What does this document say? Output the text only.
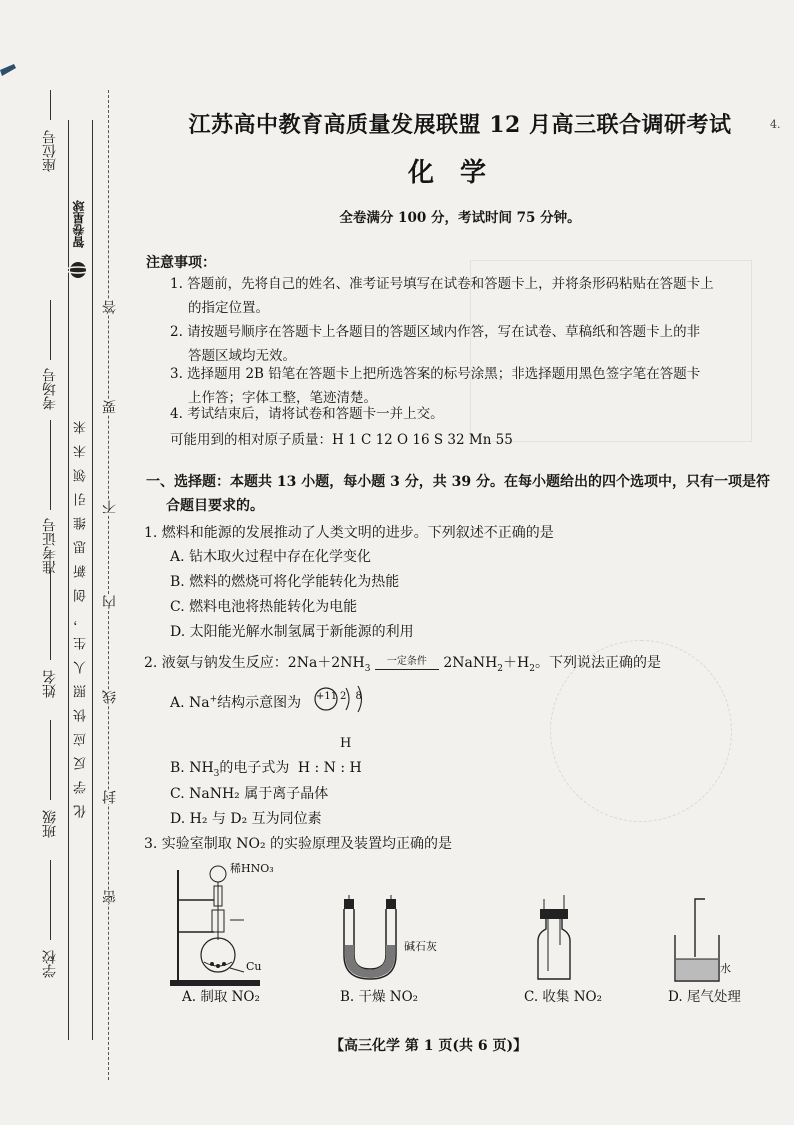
座位号
考场号
准考证号
姓名
班级
学校
化学反应快照人生，创新思维引领未来
答
要
不
内
线
封
密
智卷星球
4.
江苏高中教育高质量发展联盟 12 月高三联合调研考试
化学
全卷满分 100 分，考试时间 75 分钟。
注意事项：
1. 答题前，先将自己的姓名、准考证号填写在试卷和答题卡上，并将条形码粘贴在答题卡上
的指定位置。
2. 请按题号顺序在答题卡上各题目的答题区域内作答，写在试卷、草稿纸和答题卡上的非
答题区域均无效。
3. 选择题用 2B 铅笔在答题卡上把所选答案的标号涂黑；非选择题用黑色签字笔在答题卡
上作答；字体工整，笔迹清楚。
4. 考试结束后，请将试卷和答题卡一并上交。
可能用到的相对原子质量：H 1 C 12 O 16 S 32 Mn 55
一、选择题：本题共 13 小题，每小题 3 分，共 39 分。在每小题给出的四个选项中，只有一项是符
合题目要求的。
1. 燃料和能源的发展推动了人类文明的进步。下列叙述不正确的是
A. 钻木取火过程中存在化学变化
B. 燃料的燃烧可将化学能转化为热能
C. 燃料电池将热能转化为电能
D. 太阳能光解水制氢属于新能源的利用
2. 液氨与钠发生反应：$2Na+2NH_3$
一定条件	$2NaNH_2+H_2$。下列说法正确的是
A. Na+结构示意图为 +11 2 8
H
B. $NH_3$的电子式为 H : N : H
C. NaNH₂ 属于离子晶体
D. H₂ 与 D₂ 互为同位素
3. 实验室制取 NO₂ 的实验原理及装置均正确的是
稀HNO₃
Cu
A. 制取 NO₂
碱石灰
B. 干燥 NO₂	C. 收集 NO₂
水
D. 尾气处理
【高三化学 第 1 页(共 6 页)】
